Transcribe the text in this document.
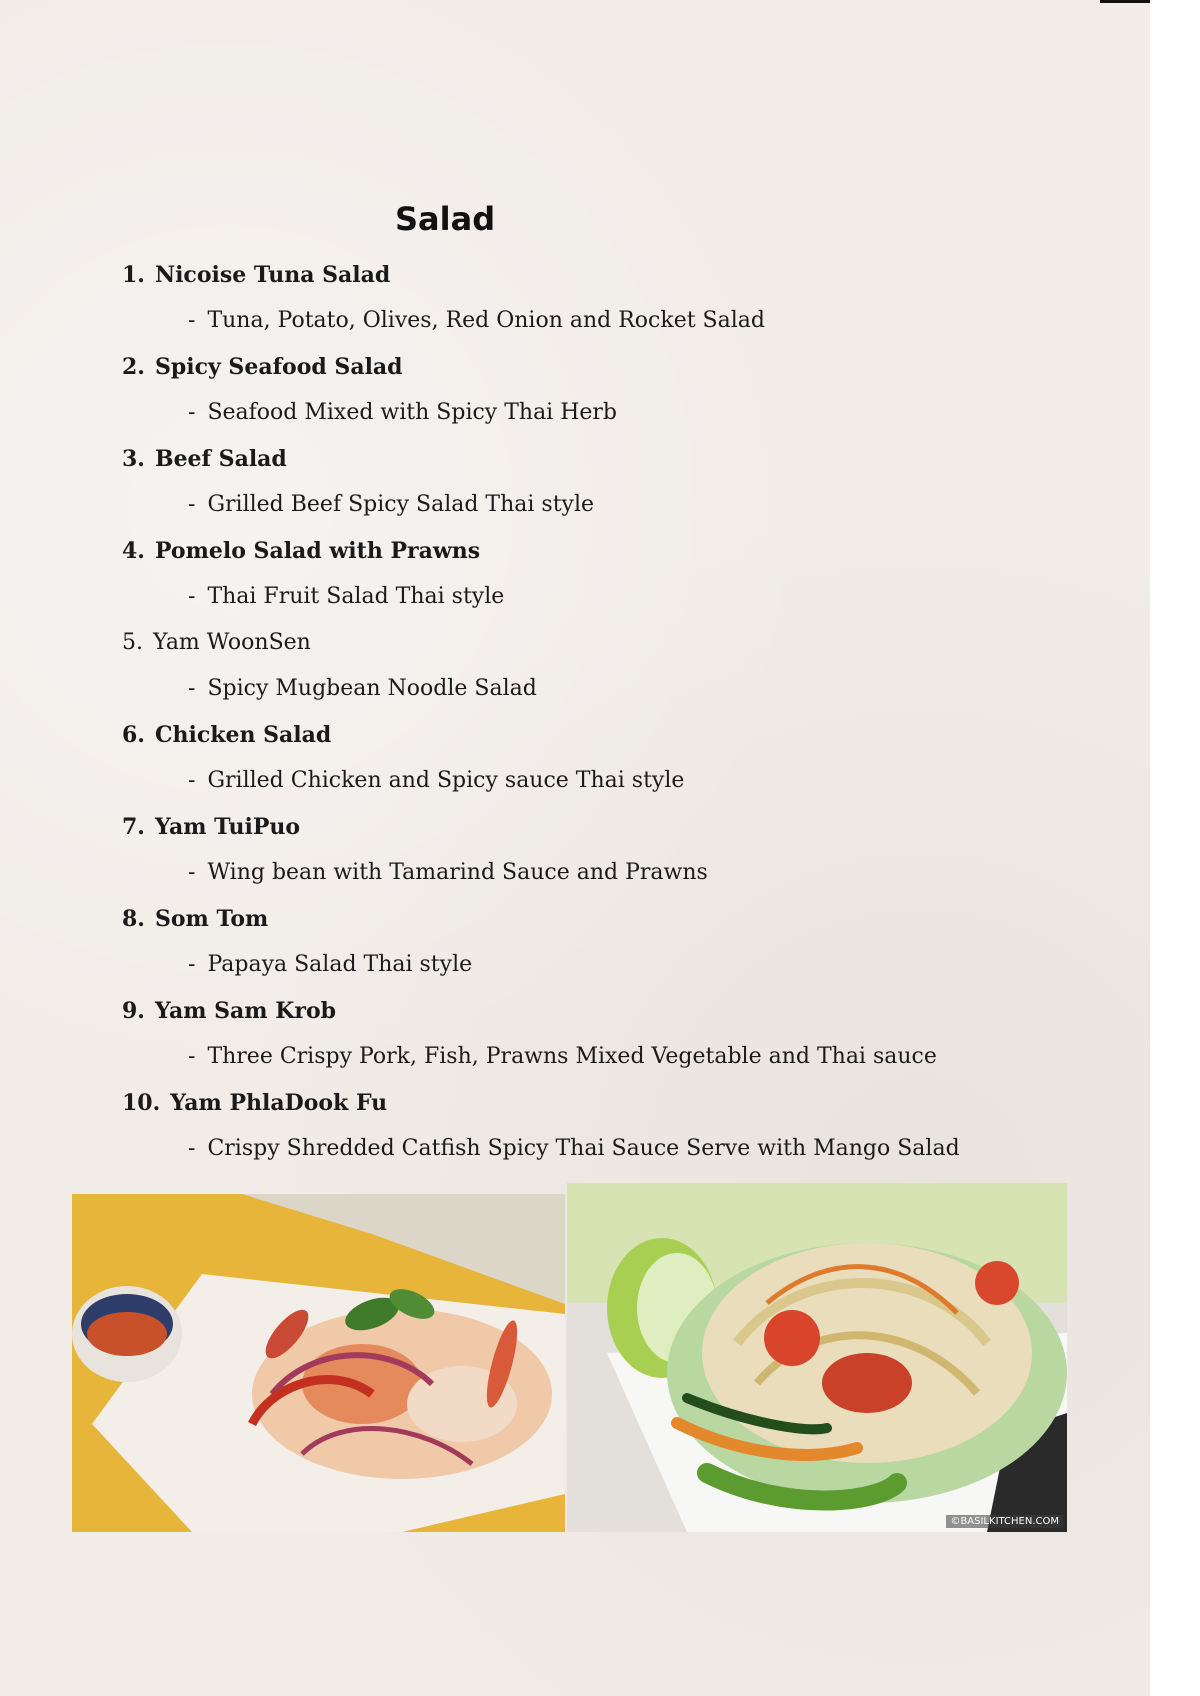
Salad
1. Nicoise Tuna Salad
- Tuna, Potato, Olives, Red Onion and Rocket Salad
2. Spicy Seafood Salad
- Seafood Mixed with Spicy Thai Herb
3. Beef Salad
- Grilled Beef Spicy Salad Thai style
4. Pomelo Salad with Prawns
- Thai Fruit Salad Thai style
5. Yam WoonSen
- Spicy Mugbean Noodle Salad
6. Chicken Salad
- Grilled Chicken and Spicy sauce Thai style
7. Yam TuiPuo
- Wing bean with Tamarind Sauce and Prawns
8. Som Tom
- Papaya Salad Thai style
9. Yam Sam Krob
- Three Crispy Pork, Fish, Prawns Mixed Vegetable and Thai sauce
10. Yam PhlaDook Fu
- Crispy Shredded Catfish Spicy Thai Sauce Serve with Mango Salad
©BASILKITCHEN.COM
